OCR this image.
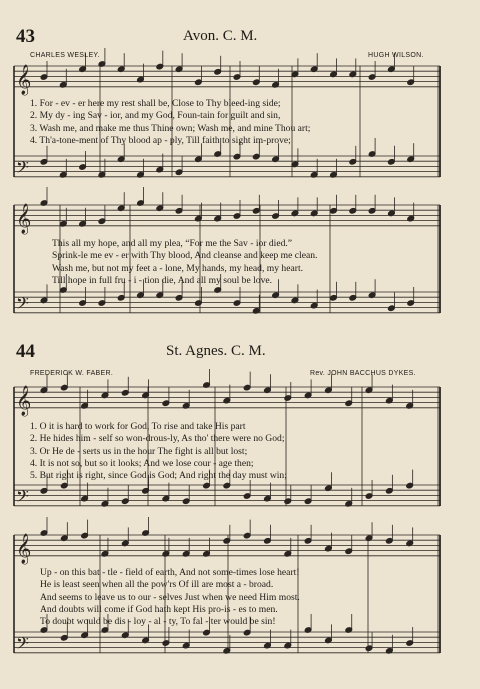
𝄞
𝄢
𝄞
𝄢
𝄞
𝄢
𝄞
𝄢
43	Avon. C. M.
CHARLES WESLEY.	HUGH WILSON.
1. For - ev - er here my rest shall be, Close to Thy bleed-ing side;
2. My dy - ing Sav - ior, and my God, Foun-tain for guilt and sin,
3. Wash me, and make me thus Thine own; Wash me, and mine Thou art;
4. Th'a-tone-ment of Thy blood ap - ply, Till faith to sight im-prove;
This all my hope, and all my plea, “For me the Sav - ior died.”
Sprink-le me ev - er with Thy blood, And cleanse and keep me clean.
Wash me, but not my feet a - lone, My hands, my head, my heart.
Till hope in full fru - i - tion die, And all my soul be love.
44	St. Agnes. C. M.
FREDERICK W. FABER.	Rev. JOHN BACCHUS DYKES.
1. O it is hard to work for God, To rise and take His part
2. He hides him - self so won-drous-ly, As tho' there were no God;
3. Or He de - serts us in the hour The fight is all but lost;
4. It is not so, but so it looks; And we lose cour - age then;
5. But right is right, since God is God; And right the day must win;
Up - on this bat - tle - field of earth, And not some-times lose heart!
He is least seen when all the pow'rs Of ill are most a - broad.
And seems to leave us to our - selves Just when we need Him most.
And doubts will come if God hath kept His pro-is - es to men.
To doubt would be dis - loy - al - ty, To fal - ter would be sin!
